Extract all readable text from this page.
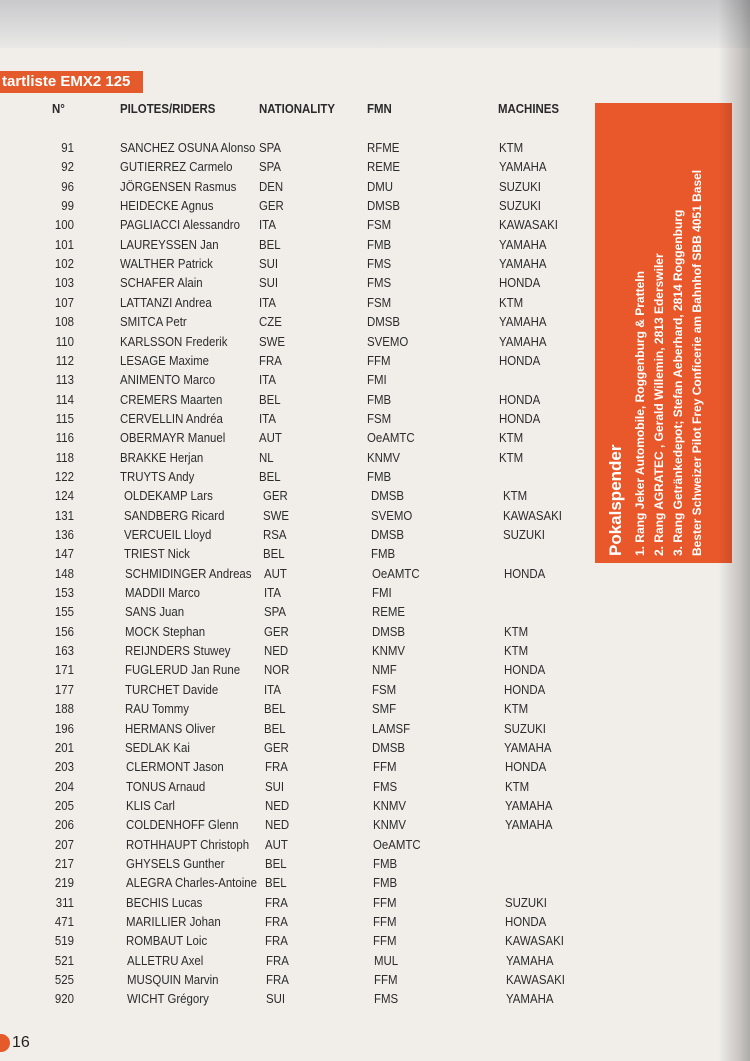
tartliste EMX2 125
N°	PILOTES/RIDERS	NATIONALITY FMN	MACHINES
91	SANCHEZ OSUNA Alonso SPA	RFME	KTM
92	GUTIERREZ Carmelo SPA	REME	YAMAHA
96	JÖRGENSEN Rasmus DEN	DMU	SUZUKI
99	HEIDECKE Agnus	GER	DMSB	SUZUKI
100	PAGLIACCI Alessandro ITA	FSM	KAWASAKI
101	LAUREYSSEN Jan	BEL	FMB	YAMAHA
102	WALTHER Patrick	SUI	FMS	YAMAHA
103	SCHAFER Alain	SUI	FMS	HONDA
107	LATTANZI Andrea	ITA	FSM	KTM
108	SMITCA Petr	CZE	DMSB	YAMAHA
110	KARLSSON Frederik SWE	SVEMO	YAMAHA
112	LESAGE Maxime	FRA	FFM	HONDA
113	ANIMENTO Marco	ITA	FMI
114	CREMERS Maarten	BEL	FMB	HONDA
115	CERVELLIN Andréa	ITA	FSM	HONDA
116	OBERMAYR Manuel	AUT	OeAMTC	KTM
118	BRAKKE Herjan	NL	KNMV	KTM
122	TRUYTS Andy	BEL	FMB
124	OLDEKAMP Lars	GER	DMSB	KTM
131	SANDBERG Ricard	SWE	SVEMO	KAWASAKI
136	VERCUEIL Lloyd	RSA	DMSB	SUZUKI
147	TRIEST Nick	BEL	FMB
148	SCHMIDINGER Andreas AUT	OeAMTC	HONDA
153	MADDII Marco	ITA	FMI
155	SANS Juan	SPA	REME
156	MOCK Stephan	GER	DMSB	KTM
163	REIJNDERS Stuwey	NED	KNMV	KTM
171	FUGLERUD Jan Rune NOR	NMF	HONDA
177	TURCHET Davide	ITA	FSM	HONDA
188	RAU Tommy	BEL	SMF	KTM
196	HERMANS Oliver	BEL	LAMSF	SUZUKI
201	SEDLAK Kai	GER	DMSB	YAMAHA
203	CLERMONT Jason	FRA	FFM	HONDA
204	TONUS Arnaud	SUI	FMS	KTM
205	KLIS Carl	NED	KNMV	YAMAHA
206	COLDENHOFF Glenn NED	KNMV	YAMAHA
207	ROTHHAUPT Christoph AUT	OeAMTC
217	GHYSELS Gunther	BEL	FMB
219	ALEGRA Charles-Antoine BEL	FMB
311	BECHIS Lucas	FRA	FFM	SUZUKI
471	MARILLIER Johan	FRA	FFM	HONDA
519	ROMBAUT Loic	FRA	FFM	KAWASAKI
521	ALLETRU Axel	FRA	MUL	YAMAHA
525	MUSQUIN Marvin	FRA	FFM	KAWASAKI
920	WICHT Grégory	SUI	FMS	YAMAHA
Pokalspender 1. Rang Jeker Automobile, Roggenburg & Pratteln 2. Rang AGRATEC , Gerald Willemin, 2813 Ederswiler 3. Rang Getränkedepot; Stefan Aeberhard, 2814 Roggenburg Bester Schweizer Pilot Frey Conficerie am Bahnhof SBB 4051 Basel
16
